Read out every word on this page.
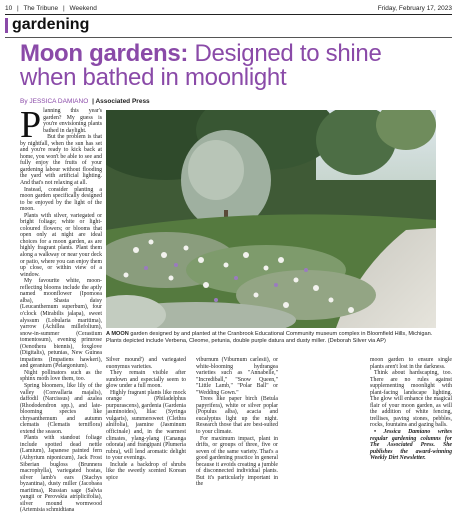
10 | The Tribune | Weekend	Friday, February 17, 2023
gardening
Moon gardens: Designed to shine
when bathed in moonlight
By JESSICA DAMIANO | Associated Press
P lanning this year's garden? My guess is you're envisioning plants bathed in daylight.

But the problem is that by nightfall, when the sun has set and you're ready to kick back at home, you won't be able to see and fully enjoy the fruits of your gardening labour without flooding the yard with artificial lighting. And that's not relaxing at all.

Instead, consider planting a moon garden specifically designed to be enjoyed by the light of the moon.

Plants with silver, variegated or bright foliage; white or light-coloured flowers; or blooms that open only at night are ideal choices for a moon garden, as are highly fragrant plants. Plant them along a walkway or near your deck or patio, where you can enjoy them up close, or within view of a window.

My favourite white, moon-reflecting blooms include the aptly named moonflower (Ipomoea alba), Shasta daisy (Leucanthemum superbum), four o'clock (Mirabilis jalapa), sweet alyssum (Lobularia maritima), yarrow (Achillea millefolium), snow-in-summer (Cerastium tomentosum), evening primrose (Oenothera biennis), foxglove (Digitalis), petunias, New Guinea impatiens (Impatiens hawkeri), and geranium (Pelargonium).

Night pollinators such as the sphinx moth love them, too.

Spring bloomers, like lily of the valley (Convallaria majalis), daffodil (Narcissus) and azalea (Rhododendron spp.), and late-blooming species like chrysanthemum and autumn clematis (Clematis terniflora) extend the season.

Plants with standout foliage include spotted dead nettle (Lamium), Japanese painted fern (Athyrium niponicum), Jack Frost Siberian bugloss (Brunnera macrophylla), variegated hostas, silver lamb's ears (Stachys byzantina), dusty miller (Jacobaea maritima), Russian sage (Salvia yangii or Perovskia atriplicifolia), silver mound wormwood (Artemisia schmidtiana

A MOON garden designed by and planted at the Cranbrook Educational Community museum complex in Bloomfield Hills, Michigan. Plants depicted include Verbena, Cleome, petunia, double purple datura and dusty miller. (Deborah Silver via AP)

Silver mound') and variegated euonymus varieties.

They remain visible after sundown and especially seem to glow under a full moon.

Highly fragrant plants like mock orange (Philadelphus purpurascens), gardenia (Gardenia jasminoides), lilac (Syringa vulgaris), summersweet (Clethra alnifolia), jasmine (Jasminum officinale) and, in the warmest climates, ylang-ylang (Cananga odorata) and frangipani (Plumeria rubra), will lend aromatic delight to your evenings.

Include a backdrop of shrubs like the sweetly scented Korean spice

viburnum (Viburnum carlesii), or white-blooming hydrangea varieties such as "Annabelle," "Incrediball," "Snow Queen," "Little Lamb," "Polar Ball" or "Wedding Gown."

Trees like paper birch (Betula papyrifera), white or silver poplar (Populus alba), acacia and eucalyptus light up the night. Research those that are best-suited to your climate.

For maximum impact, plant in drifts, or groups of three, five or seven of the same variety. That's a good gardening practice in general because it avoids creating a jumble of disconnected individual plants. But it's particularly important in the

moon garden to ensure single plants aren't lost in the darkness.

Think about hardscaping, too. There are no rules against supplementing moonlight with plant-facing landscape lighting. The glow will enhance the magical flair of your moon garden, as will the addition of white fencing, trellises, paving stones, pebbles, rocks, fountains and gazing balls.

• Jessica Damiano writes regular gardening columns for The Associated Press. She publishes the award-winning Weekly Dirt Newsletter.
